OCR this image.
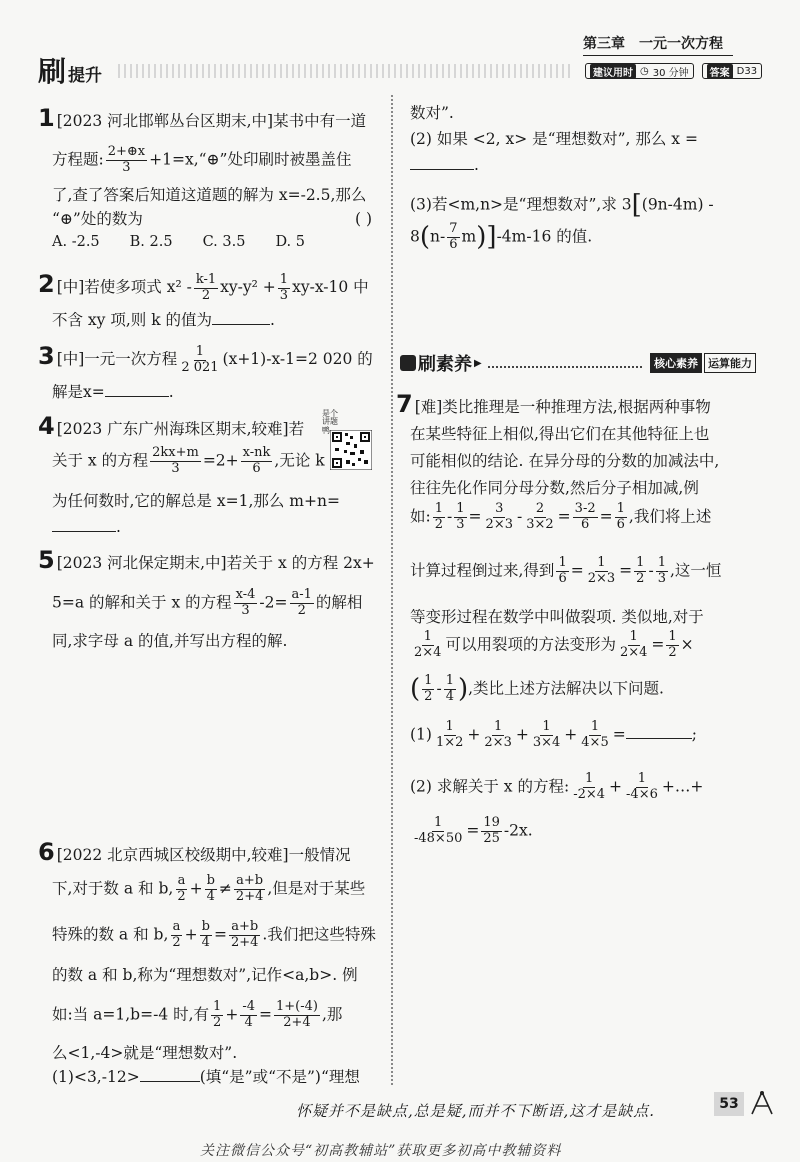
刷提升
第三章 一元一次方程
建议用时 ◷ 30 分钟	答案 D33
1 [2023 河北邯郸丛台区期末,中]某书中有一道
方程题: $\frac{2+\oplus x}{3}$ +1=x,“⊕”处印刷时被墨盖住
了,查了答案后知道这道题的解为 x=-2.5,那么
“⊕”处的数为	( )
A. -2.5 B. 2.5 C. 3.5 D. 5
2 [中]若使多项式 $x^2 - \frac{k-1}{2} xy-y^2 + \frac{1}{3} xy-x-10$ 中
不含 xy 项,则 k 的值为	.
3 [中]一元一次方程 $\frac{1}{2 021} (x+1)-x-1=2$ 020 的
解是x=	.
4 [2023 广东广州海珠区期末,较难]若
关于 x 的方程 $\frac{2kx+m}{3} =2+ \frac{x-nk}{6}$ ,无论 k
为任何数时,它的解总是 x=1,那么 m+n=
.
是个讲题鸭
5 [2023 河北保定期末,中]若关于 x 的方程 2x+
5=a 的解和关于 x 的方程 $\frac{x-4}{3} -2= \frac{a-1}{2}$ 的解相
同,求字母 a 的值,并写出方程的解.
6 [2022 北京西城区校级期中,较难]一般情况
下,对于数 a 和 b, $\frac{a}{2} + \frac{b}{4} \ne \frac{a+b}{2+4}$ ,但是对于某些
特殊的数 a 和 b, $\frac{a}{2} + \frac{b}{4} = \frac{a+b}{2+4}$ .我们把这些特殊
的数 a 和 b,称为“理想数对”,记作<a,b>. 例
如:当 a=1,b=-4 时,有 $\frac{1}{2} + \frac{-4}{4} = \frac{1+(-4)}{2+4}$ ,那
么<1,-4>就是“理想数对”.
(1)<3,-12>	(填“是”或“不是”)“理想
数对”.
(2) 如果 <2, x> 是“理想数对”, 那么 x =
.
(3)若<m,n>是“理想数对”,求 3[(9n-4m) -
$8(n- \frac{7}{6} m)]-4m-16$ 的值.
刷素养 ▶	核心素养 运算能力
7 [难]类比推理是一种推理方法,根据两种事物
在某些特征上相似,得出它们在其他特征上也
可能相似的结论. 在异分母的分数的加减法中,
往往先化作同分母分数,然后分子相加减,例
如: $\frac{1}{2} - \frac{1}{3} = \frac{3}{2\times 3} - \frac{2}{3\times 2} = \frac{3-2}{6} = \frac{1}{6}$ ,我们将上述
计算过程倒过来,得到 $\frac{1}{6} = \frac{1}{2\times 3} = \frac{1}{2} - \frac{1}{3}$ ,这一恒
等变形过程在数学中叫做裂项. 类似地,对于
$\frac{1}{2\times 4}$ 可以用裂项的方法变形为 $\frac{1}{2\times 4} = \frac{1}{2}$ ×
( $\frac{1}{2} - \frac{1}{4}$ ),类比上述方法解决以下问题.
$(1) \frac{1}{1\times 2} + \frac{1}{2\times 3} + \frac{1}{3\times 4} + \frac{1}{4\times 5}$ =	;
(2) 求解关于 x 的方程: $\frac{1}{-2\times 4} + \frac{1}{-4\times 6}$ +…+
$\frac{1}{-48\times 50} = \frac{19}{25} -2x$.
怀疑并不是缺点,总是疑,而并不下断语,这才是缺点.	53
关注微信公众号“初高教辅站”获取更多初高中教辅资料
